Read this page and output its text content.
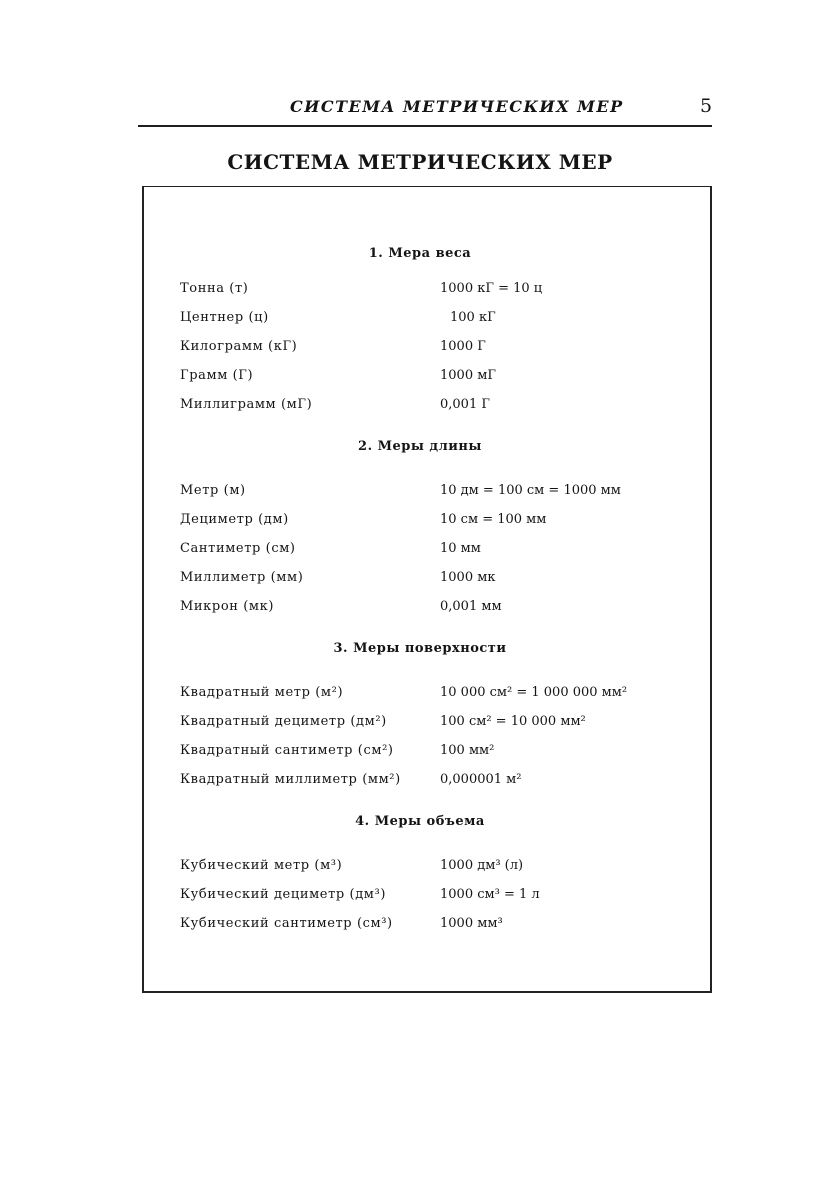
СИСТЕМА МЕТРИЧЕСКИХ МЕР	5
СИСТЕМА МЕТРИЧЕСКИХ МЕР
1. Мера веса
Тонна (т)	1000 кГ = 10 ц
Центнер (ц)	100 кГ
Килограмм (кГ)	1000 Г
Грамм (Г)	1000 мГ
Миллиграмм (мГ)	0,001 Г
2. Меры длины
Метр (м)	10 дм = 100 см = 1000 мм
Дециметр (дм)	10 см = 100 мм
Сантиметр (см)	10 мм
Миллиметр (мм)	1000 мк
Микрон (мк)	0,001 мм
3. Меры поверхности
Квадратный метр (м²)	10 000 см² = 1 000 000 мм²
Квадратный дециметр (дм²)	100 см² = 10 000 мм²
Квадратный сантиметр (см²)	100 мм²
Квадратный миллиметр (мм²)	0,000001 м²
4. Меры объема
Кубический метр (м³)	1000 дм³ (л)
Кубический дециметр (дм³)	1000 см³ = 1 л
Кубический сантиметр (см³)	1000 мм³
